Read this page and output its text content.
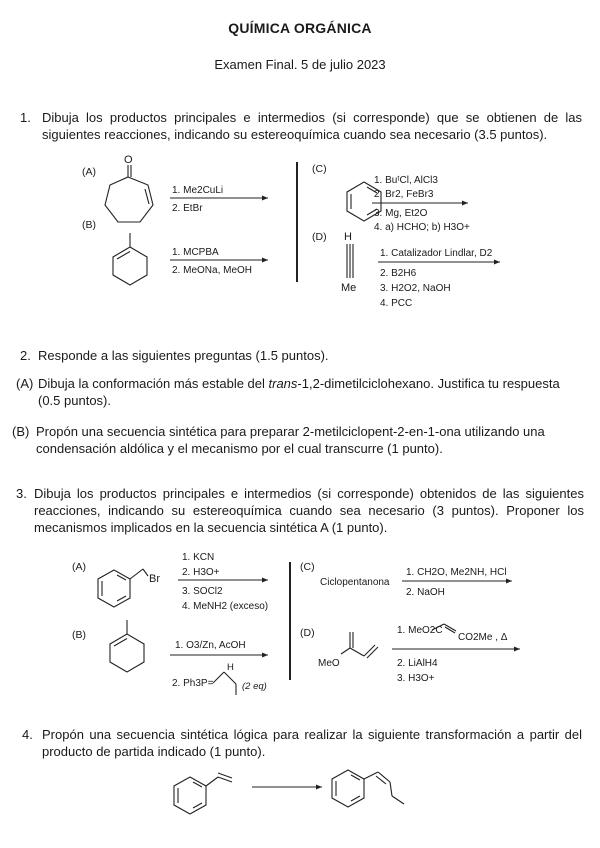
QUÍMICA ORGÁNICA
Examen Final. 5 de julio 2023
1. Dibuja los productos principales e intermedios (si corresponde) que se obtienen de las siguientes reacciones, indicando su estereoquímica cuando sea necesario (3.5 puntos).
(A)
O
1. Me2CuLi
2. EtBr
(B)
1. MCPBA
2. MeONa, MeOH
(C)
1. BuᵗCl, AlCl3
2. Br2, FeBr3
3. Mg, Et2O
4. a) HCHO; b) H3O+
(D) H
Me
1. Catalizador Lindlar, D2
2. B2H6
3. H2O2, NaOH
4. PCC
2. Responde a las siguientes preguntas (1.5 puntos).
(A) Dibuja la conformación más estable del trans-1,2-dimetilciclohexano. Justifica tu respuesta (0.5 puntos).
(B) Propón una secuencia sintética para preparar 2-metilciclopent-2-en-1-ona utilizando una condensación aldólica y el mecanismo por el cual transcurre (1 punto).
3. Dibuja los productos principales e intermedios (si corresponde) obtenidos de las siguientes reacciones, indicando su estereoquímica cuando sea necesario (3 puntos). Proponer los mecanismos implicados en la secuencia sintética A (1 punto).
(A)
Br
1. KCN
2. H3O+
3. SOCl2
4. MeNH2 (exceso)
(B)
1. O3/Zn, AcOH
2. Ph3P=
H
(2 eq)
(C)
Ciclopentanona
1. CH2O, Me2NH, HCl
2. NaOH
(D)
MeO
1. MeO2C
CO2Me , Δ
2. LiAlH4
3. H3O+
4. Propón una secuencia sintética lógica para realizar la siguiente transformación a partir del producto de partida indicado (1 punto).
